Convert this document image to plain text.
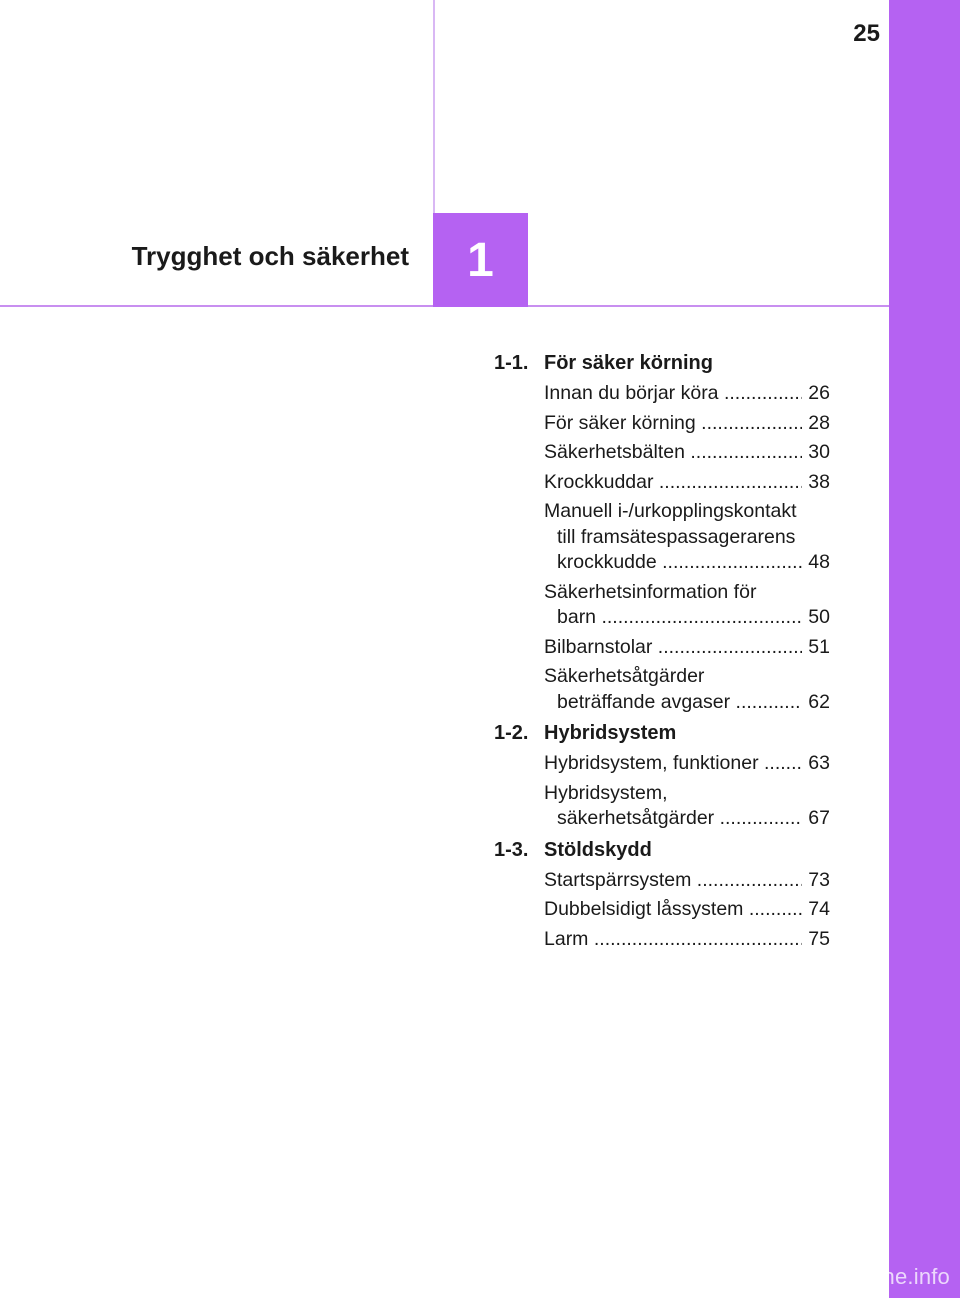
25
1
Trygghet och säkerhet
1-1. För säker körning
Innan du börjar köra .....	26
För säker körning .....	28
Säkerhetsbälten .....	30
Krockkuddar .....	38
Manuell i-/urkopplingskontakt
till framsätespassagerarens
krockkudde .....	48
Säkerhetsinformation för
barn .....	50
Bilbarnstolar .....	51
Säkerhetsåtgärder
beträffande avgaser .....	62
1-2. Hybridsystem
Hybridsystem, funktioner .....	63
Hybridsystem,
säkerhetsåtgärder .....	67
1-3. Stöldskydd
Startspärrsystem .....	73
Dubbelsidigt låssystem .....	74
Larm .....	75
carmanualsonline.info
